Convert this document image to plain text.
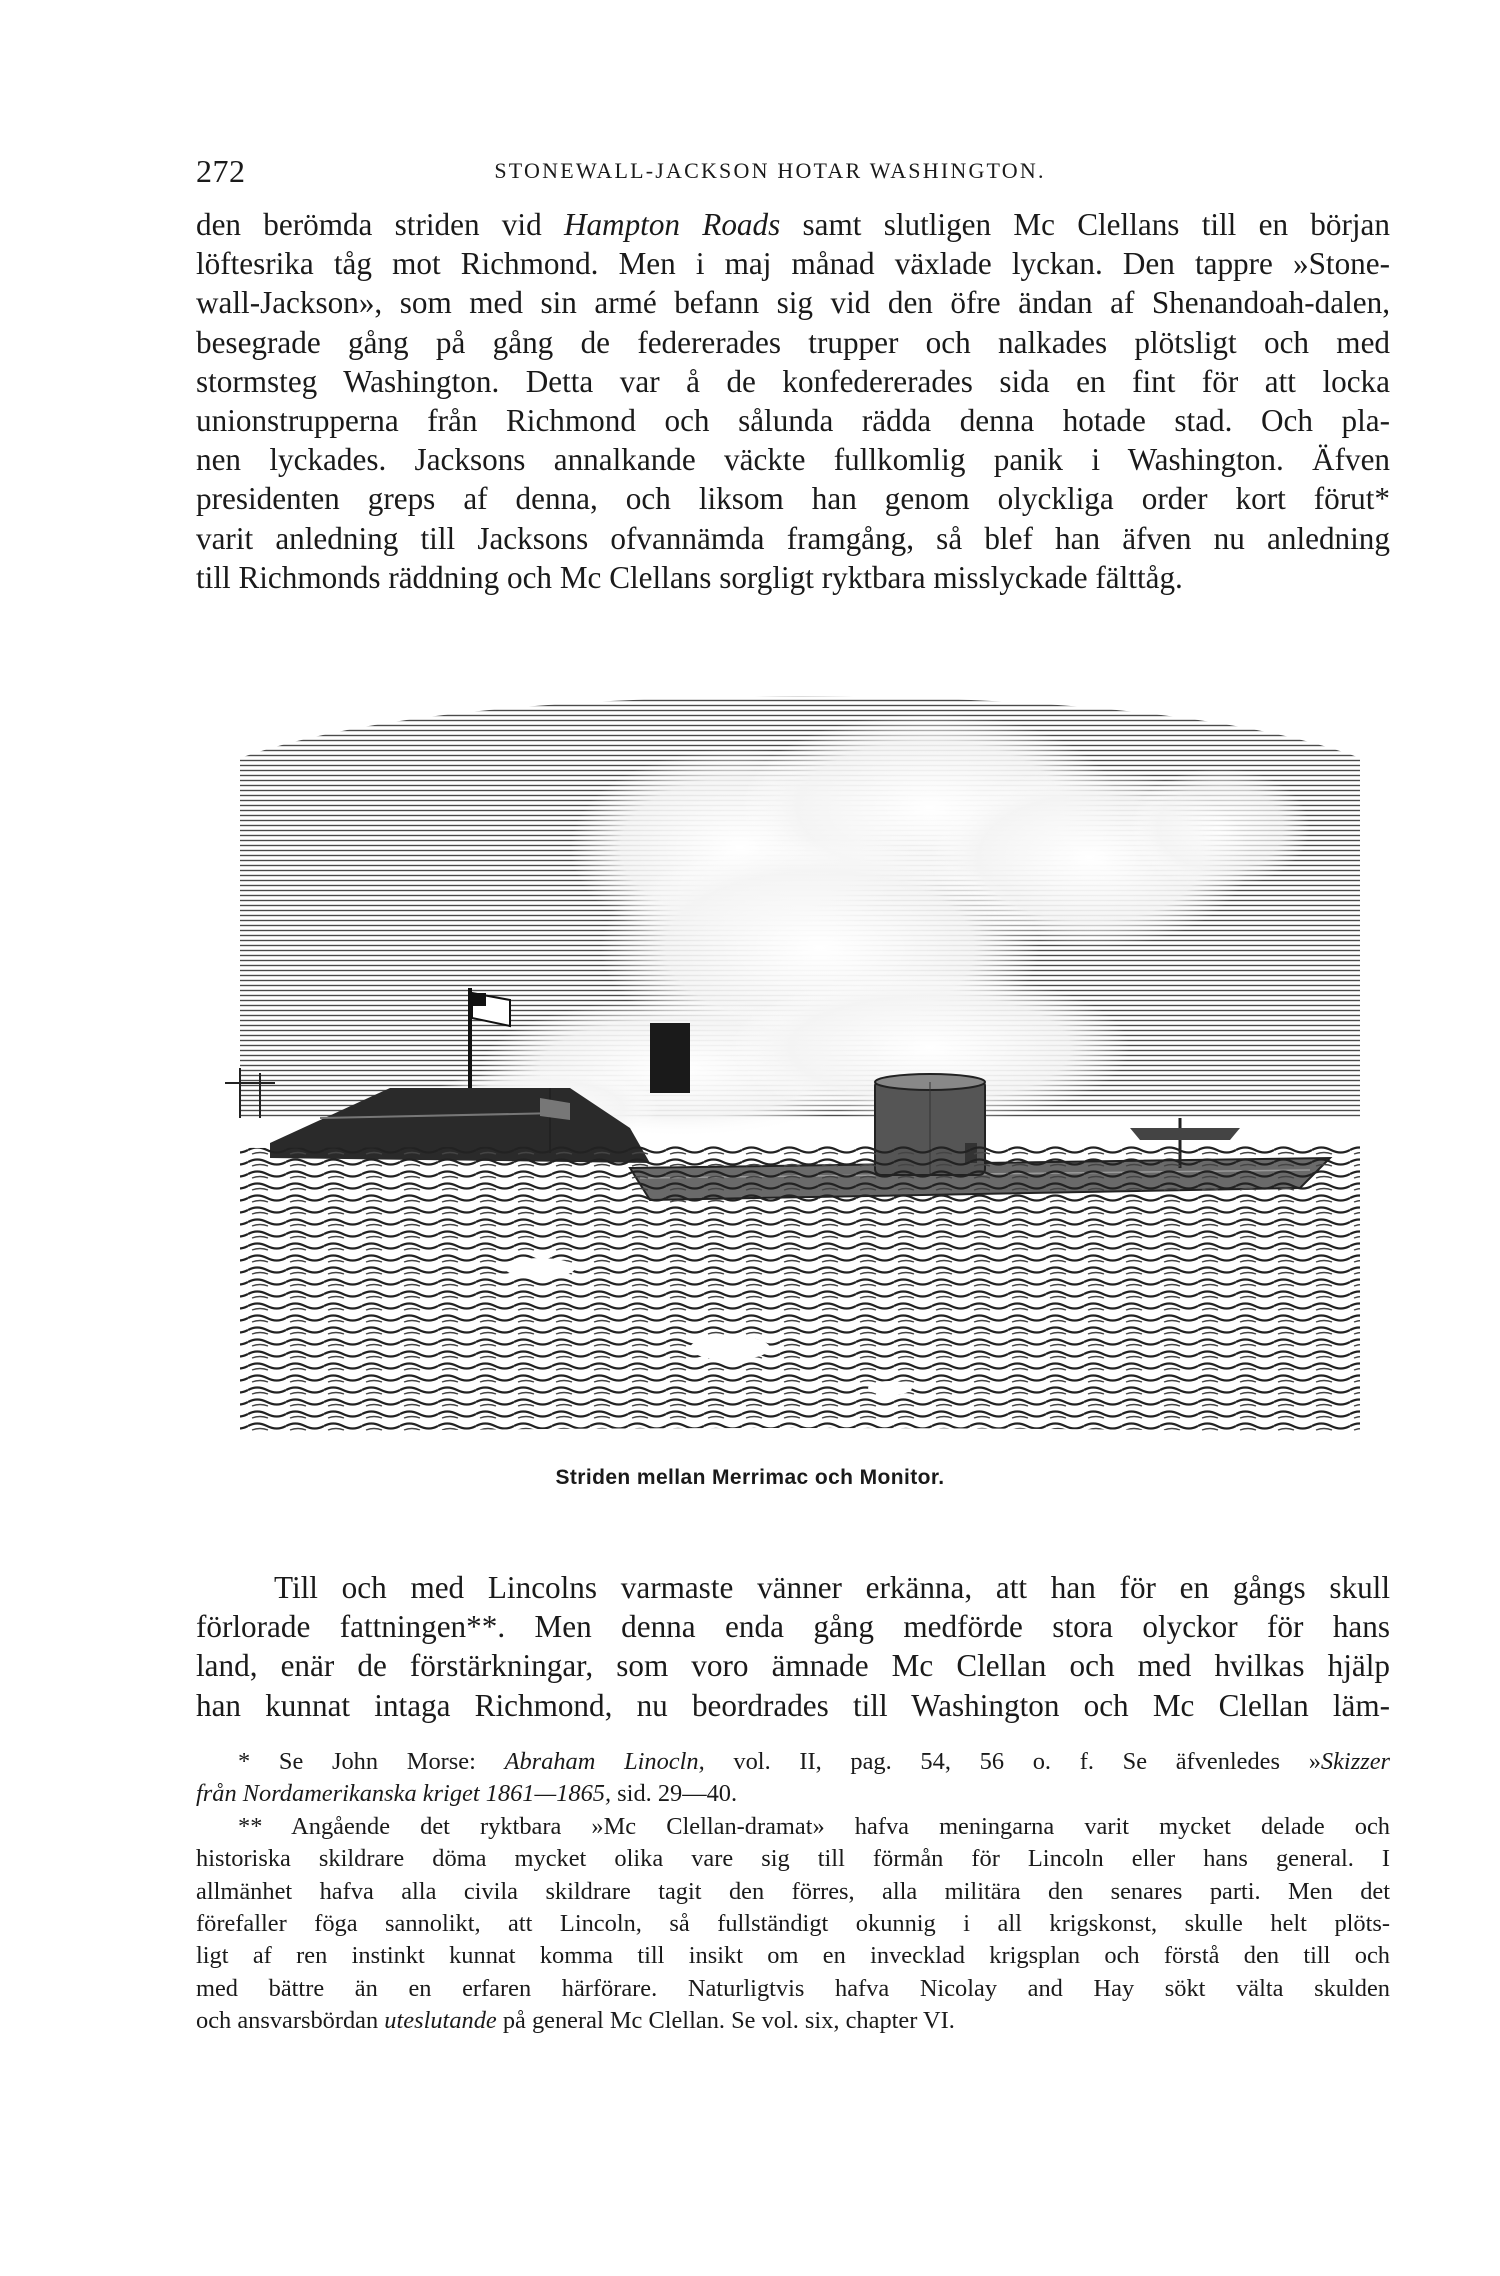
272	STONEWALL-JACKSON HOTAR WASHINGTON.
den berömda striden vid Hampton Roads samt slutligen Mc Clellans till en början
löftesrika tåg mot Richmond. Men i maj månad växlade lyckan. Den tappre »Stone-
wall-Jackson», som med sin armé befann sig vid den öfre ändan af Shenandoah-dalen,
besegrade gång på gång de federerades trupper och nalkades plötsligt och med
stormsteg Washington. Detta var å de konfedererades sida en fint för att locka
unionstrupperna från Richmond och sålunda rädda denna hotade stad. Och pla-
nen lyckades. Jacksons annalkande väckte fullkomlig panik i Washington. Äfven
presidenten greps af denna, och liksom han genom olyckliga order kort förut*
varit anledning till Jacksons ofvannämda framgång, så blef han äfven nu anledning
till Richmonds räddning och Mc Clellans sorgligt ryktbara misslyckade fälttåg.
Striden mellan Merrimac och Monitor.
Till och med Lincolns varmaste vänner erkänna, att han för en gångs skull
förlorade fattningen**. Men denna enda gång medförde stora olyckor för hans
land, enär de förstärkningar, som voro ämnade Mc Clellan och med hvilkas hjälp
han kunnat intaga Richmond, nu beordrades till Washington och Mc Clellan läm-
* Se John Morse: Abraham Linocln, vol. II, pag. 54, 56 o. f. Se äfvenledes »Skizzer
från Nordamerikanska kriget 1861—1865, sid. 29—40.
** Angående det ryktbara »Mc Clellan-dramat» hafva meningarna varit mycket delade och
historiska skildrare döma mycket olika vare sig till förmån för Lincoln eller hans general. I
allmänhet hafva alla civila skildrare tagit den förres, alla militära den senares parti. Men det
förefaller föga sannolikt, att Lincoln, så fullständigt okunnig i all krigskonst, skulle helt plöts-
ligt af ren instinkt kunnat komma till insikt om en invecklad krigsplan och förstå den till och
med bättre än en erfaren härförare. Naturligtvis hafva Nicolay and Hay sökt välta skulden
och ansvarsbördan uteslutande på general Mc Clellan. Se vol. six, chapter VI.
